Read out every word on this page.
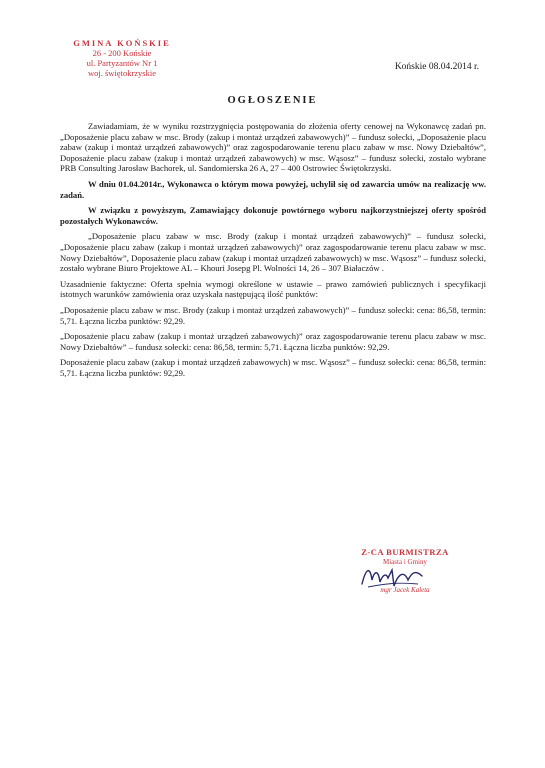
GMINA KOŃSKIE
26 - 200 Końskie
ul. Partyzantów Nr 1
woj. świętokrzyskie
Końskie 08.04.2014 r.
OGŁOSZENIE

Zawiadamiam, że w wyniku rozstrzygnięcia postępowania do złożenia oferty cenowej na Wykonawcę zadań pn. „Doposażenie placu zabaw w msc. Brody (zakup i montaż urządzeń zabawowych)” – fundusz sołecki, „Doposażenie placu zabaw (zakup i montaż urządzeń zabawowych)” oraz zagospodarowanie terenu placu zabaw w msc. Nowy Dziebałtów”, Doposażenie placu zabaw (zakup i montaż urządzeń zabawowych) w msc. Wąsosz” – fundusz sołecki, zostało wybrane PRB Consulting Jarosław Bachorek, ul. Sandomierska 26 A, 27 – 400 Ostrowiec Świętokrzyski.

W dniu 01.04.2014r., Wykonawca o którym mowa powyżej, uchylił się od zawarcia umów na realizację ww. zadań.

W związku z powyższym, Zamawiający dokonuje powtórnego wyboru najkorzystniejszej oferty spośród pozostałych Wykonawców.

„Doposażenie placu zabaw w msc. Brody (zakup i montaż urządzeń zabawowych)” – fundusz sołecki, „Doposażenie placu zabaw (zakup i montaż urządzeń zabawowych)” oraz zagospodarowanie terenu placu zabaw w msc. Nowy Dziebałtów”, Doposażenie placu zabaw (zakup i montaż urządzeń zabawowych) w msc. Wąsosz” – fundusz sołecki, zostało wybrane Biuro Projektowe AL – Khouri Josepg Pl. Wolności 14, 26 – 307 Białaczów .

Uzasadnienie faktyczne: Oferta spełnia wymogi określone w ustawie – prawo zamówień publicznych i specyfikacji istotnych warunków zamówienia oraz uzyskała następującą ilość punktów:

„Doposażenie placu zabaw w msc. Brody (zakup i montaż urządzeń zabawowych)” – fundusz sołecki: cena: 86,58, termin: 5,71. Łączna liczba punktów: 92,29.

„Doposażenie placu zabaw (zakup i montaż urządzeń zabawowych)” oraz zagospodarowanie terenu placu zabaw w msc. Nowy Dziebałtów” – fundusz sołecki: cena: 86,58, termin: 5,71. Łączna liczba punktów: 92,29.

Doposażenie placu zabaw (zakup i montaż urządzeń zabawowych) w msc. Wąsosz” – fundusz sołecki: cena: 86,58, termin: 5,71. Łączna liczba punktów: 92,29.

Z-CA BURMISTRZA
Miasta i Gminy
mgr Jacek Kaleta
